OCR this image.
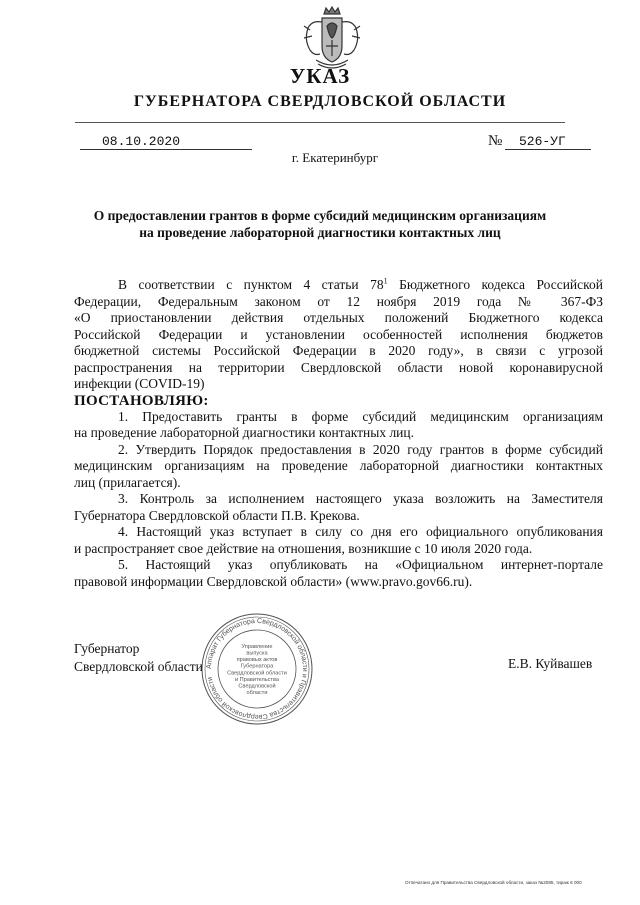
УКАЗ
ГУБЕРНАТОРА СВЕРДЛОВСКОЙ ОБЛАСТИ
08.10.2020	№	526-УГ
г. Екатеринбург
О предоставлении грантов в форме субсидий медицинским организациям
на проведение лабораторной диагностики контактных лиц

В соответствии с пунктом 4 статьи $78^1$ Бюджетного кодекса Российской

Федерации, Федеральным законом от 12 ноября 2019 года № 367-ФЗ

«О приостановлении действия отдельных положений Бюджетного кодекса

Российской Федерации и установлении особенностей исполнения бюджетов

бюджетной системы Российской Федерации в 2020 году», в связи с угрозой

распространения на территории Свердловской области новой коронавирусной

инфекции (COVID-19)

ПОСТАНОВЛЯЮ:

1. Предоставить гранты в форме субсидий медицинским организациям

на проведение лабораторной диагностики контактных лиц.

2. Утвердить Порядок предоставления в 2020 году грантов в форме субсидий

медицинским организациям на проведение лабораторной диагностики контактных

лиц (прилагается).

3. Контроль за исполнением настоящего указа возложить на Заместителя

Губернатора Свердловской области П.В. Крекова.

4. Настоящий указ вступает в силу со дня его официального опубликования

и распространяет свое действие на отношения, возникшие с 10 июля 2020 года.

5. Настоящий указ опубликовать на «Официальном интернет-портале

правовой информации Свердловской области» (www.pravo.gov66.ru).

Губернатор
Свердловской области	Е.В. Куйвашев
Аппарат Губернатора Свердловской области и Правительства Свердловской области
Управление
выпуска
правовых актов
Губернатора
Свердловской области
и Правительства
Свердловской
области
Отпечатано для Правительства Свердловской области, заказ №2085, тираж 6 000
